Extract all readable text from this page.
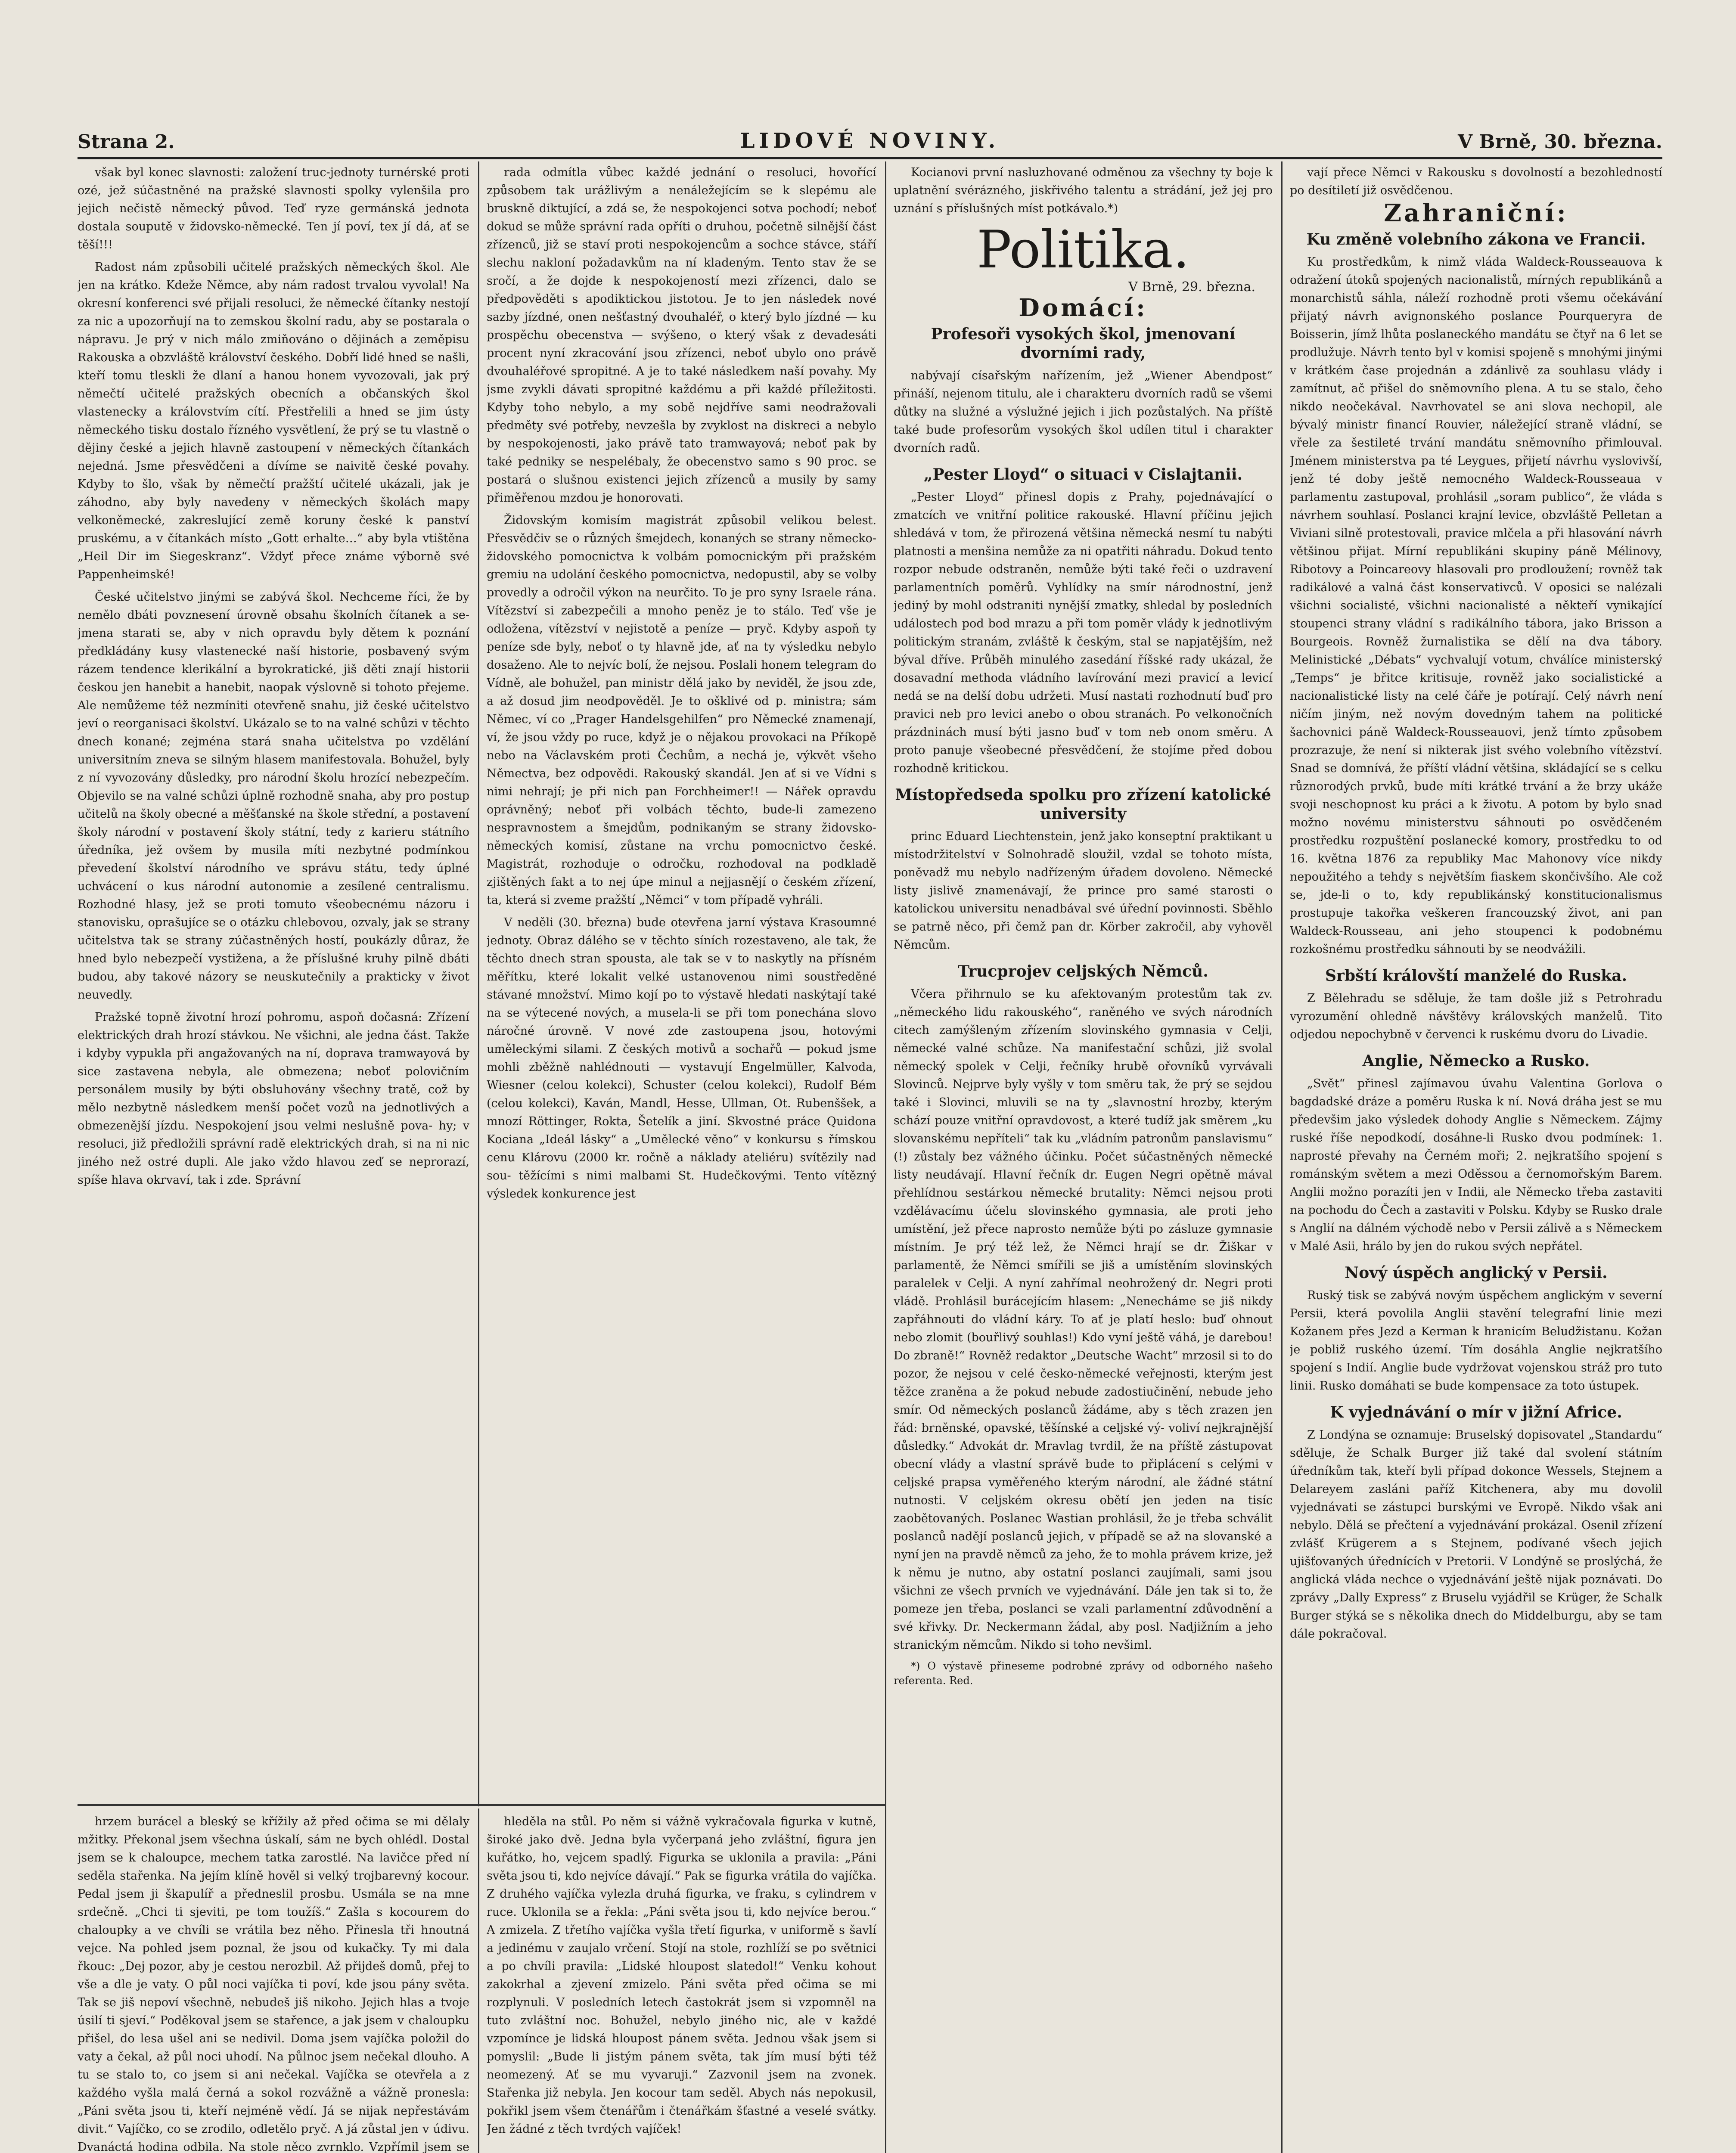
Strana 2.	LIDOVÉ NOVINY.	V Brně, 30. března.

však byl konec slavnosti: založení truc-jednoty turnérské proti ozé, jež súčastněné na pražské slavnosti spolky vylenšila pro jejich nečistě německý původ. Teď ryze germánská jednota dostala souputě v židovsko-německé. Ten jí poví, tex jí dá, ať se těší!!!

Radost nám způsobili učitelé pražských německých škol. Ale jen na krátko. Kdeže Němce, aby nám radost trvalou vyvolal! Na okresní konferenci své přijali resoluci, že německé čítanky nestojí za nic a upozorňují na to zemskou školní radu, aby se postarala o nápravu. Je prý v nich málo zmiňováno o dějinách a zeměpisu Rakouska a obzvláště království českého. Dobří lidé hned se našli, kteří tomu tleskli že dlaní a hanou honem vyvozovali, jak prý němečtí učitelé pražských obecních a občanských škol vlastenecky a královstvím cítí. Přestřelili a hned se jim ústy německého tisku dostalo řízného vysvětlení, že prý se tu vlastně o dějiny české a jejich hlavně zastoupení v německých čítankách nejedná. Jsme přesvědčeni a dívíme se naivitě české povahy. Kdyby to šlo, však by němečtí pražští učitelé ukázali, jak je záhodno, aby byly navedeny v německých školách mapy velkoněmecké, zakreslující země koruny české k panství pruskému, a v čítankách místo „Gott erhalte…“ aby byla vtištěna „Heil Dir im Siegeskranz“. Vždyť přece známe výborně své Pappenheimské!

České učitelstvo jinými se zabývá škol. Nechceme říci, že by nemělo dbáti povznesení úrovně obsahu školních čítanek a se- jmena starati se, aby v nich opravdu byly dětem k poznání předkládány kusy vlastenecké naší historie, posbavený svým rázem tendence klerikální a byrokratické, jiš děti znají historii českou jen hanebit a hanebit, naopak výslovně si tohoto přejeme. Ale nemůžeme též nezmíniti otevřeně snahu, již české učitelstvo jeví o reorganisaci školství. Ukázalo se to na valné schůzi v těchto dnech konané; zejména stará snaha učitelstva po vzdělání universitním zneva se silným hlasem manifestovala. Bohužel, byly z ní vyvozovány důsledky, pro národní školu hrozící nebezpečím. Objevilo se na valné schůzi úplně rozhodně snaha, aby pro postup učitelů na školy obecné a měšťanské na škole střední, a postavení školy národní v postavení školy státní, tedy z karieru státního úředníka, jež ovšem by musila míti nezbytné podmínkou převedení školství národního ve správu státu, tedy úplné uchvácení o kus národní autonomie a zesílené centralismu. Rozhodné hlasy, jež se proti tomuto všeobecnému názoru i stanovisku, oprašujíce se o otázku chlebovou, ozvaly, jak se strany učitelstva tak se strany zúčastněných hostí, poukázly důraz, že hned bylo nebezpečí vystižena, a že příslušné kruhy pilně dbáti budou, aby takové názory se neuskutečnily a prakticky v život neuvedly.

Pražské topně životní hrozí pohromu, aspoň dočasná: Zřízení elektrických drah hrozí stávkou. Ne všichni, ale jedna část. Takže i kdyby vypukla při angažovaných na ní, doprava tramwayová by sice zastavena nebyla, ale obmezena; neboť polovičním personálem musily by býti obsluhovány všechny tratě, což by mělo nezbytně následkem menší počet vozů na jednotlivých a obmezenější jízdu. Nespokojení jsou velmi neslušně pova- hy; v resoluci, již předložili správní radě elektrických drah, si na ni nic jiného než ostré dupli. Ale jako vždo hlavou zeď se neprorazí, spíše hlava okrvaví, tak i zde. Správní

rada odmítla vůbec každé jednání o resoluci, hovořící způsobem tak urážlivým a nenáležejícím se k slepému ale bruskně diktující, a zdá se, že nespokojenci sotva pochodí; neboť dokud se může správní rada opříti o druhou, početně silnější část zřízenců, již se staví proti nespokojencům a sochce stávce, stáří slechu nakloní požadavkům na ní kladeným. Tento stav že se sročí, a že dojde k nespokojeností mezi zřízenci, dalo se předpověděti s apodiktickou jistotou. Je to jen následek nové sazby jízdné, onen nešťastný dvouhaléř, o který bylo jízdné — ku prospěchu obecenstva — svýšeno, o který však z devadesáti procent nyní zkracování jsou zřízenci, neboť ubylo ono právě dvouhaléřové spropitné. A je to také následkem naší povahy. My jsme zvykli dávati spropitné každému a při každé příležitosti. Kdyby toho nebylo, a my sobě nejdříve sami neodražovali předměty své potřeby, nevzešla by zvyklost na diskreci a nebylo by nespokojenosti, jako právě tato tramwayová; neboť pak by také pedniky se nespelébaly, že obecenstvo samo s 90 proc. se postará o slušnou existenci jejich zřízenců a musily by samy přiměřenou mzdou je honorovati.

Židovským komisím magistrát způsobil velikou belest. Přesvědčiv se o různých šmejdech, konaných se strany německo-židovského pomocnictva k volbám pomocnickým při pražském gremiu na udolání českého pomocnictva, nedopustil, aby se volby provedly a odročil výkon na neurčito. To je pro syny Israele rána. Vítězství si zabezpečili a mnoho peněz je to stálo. Teď vše je odložena, vítězství v nejistotě a peníze — pryč. Kdyby aspoň ty peníze sde byly, neboť o ty hlavně jde, ať na ty výsledku nebylo dosaženo. Ale to nejvíc bolí, že nejsou. Poslali honem telegram do Vídně, ale bohužel, pan ministr dělá jako by neviděl, že jsou zde, a až dosud jim neodpověděl. Je to ošklivé od p. ministra; sám Němec, ví co „Prager Handelsgehilfen“ pro Německé znamenají, ví, že jsou vždy po ruce, když je o nějakou provokaci na Příkopě nebo na Václavském proti Čechům, a nechá je, výkvět všeho Němectva, bez odpovědi. Rakouský skandál. Jen ať si ve Vídni s nimi nehrají; je při nich pan Forchheimer!! — Nářek opravdu oprávněný; neboť při volbách těchto, bude-li zamezeno nespravnostem a šmejdům, podnikaným se strany židovsko-německých komisí, zůstane na vrchu pomocnictvo české. Magistrát, rozhoduje o odročku, rozhodoval na podkladě zjištěných fakt a to nej úpe minul a nejjasnějí o českém zřízení, ta, která si zveme pražští „Němci“ v tom případě vyhráli.

V neděli (30. března) bude otevřena jarní výstava Krasoumné jednoty. Obraz dálého se v těchto síních rozestaveno, ale tak, že těchto dnech stran spousta, ale tak se v to naskytly na přísném měřítku, které lokalit velké ustanovenou nimi soustředěné stávané množství. Mimo kojí po to výstavě hledati naskýtají také na se výtecené nových, a musela-li se při tom ponechána slovo náročné úrovně. V nové zde zastoupena jsou, hotovými uměleckými silami. Z českých motivů a sochařů — pokud jsme mohli zběžně nahlédnouti — vystavují Engelmüller, Kalvoda, Wiesner (celou kolekci), Schuster (celou kolekci), Rudolf Bém (celou kolekci), Kaván, Mandl, Hesse, Ullman, Ot. Rubenššek, a mnozí Röttinger, Rokta, Šetelík a jiní. Skvostné práce Quidona Kociana „Ideál lásky“ a „Umělecké věno“ v konkursu s římskou cenu Klárovu (2000 kr. ročně a náklady ateliéru) svítězily nad sou- těžícími s nimi malbami St. Hudečkovými. Tento vítězný výsledek konkurence jest

Kocianovi první nasluzhované odměnou za všechny ty boje k uplatnění svérázného, jiskřivého talentu a strádání, jež jej pro uznání s příslušných míst potkávalo.*)

Politika.
V Brně, 29. března.
Domácí:
Profesoři vysokých škol, jmenovaní dvorními rady,

nabývají císařským nařízením, jež „Wiener Abendpost“ přináší, nejenom titulu, ale i charakteru dvorních radů se všemi důtky na služné a výslužné jejich i jich pozůstalých. Na příště také bude profesorům vysokých škol udílen titul i charakter dvorních radů.

„Pester Lloyd“ o situaci v Cislajtanii.

„Pester Lloyd“ přinesl dopis z Prahy, pojednávající o zmatcích ve vnitřní politice rakouské. Hlavní příčinu jejich shledává v tom, že přirozená většina německá nesmí tu nabýti platnosti a menšina nemůže za ni opatřiti náhradu. Dokud tento rozpor nebude odstraněn, nemůže býti také řeči o uzdravení parlamentních poměrů. Vyhlídky na smír národnostní, jenž jediný by mohl odstraniti nynější zmatky, shledal by posledních událostech pod bod mrazu a při tom poměr vlády k jednotlivým politickým stranám, zvláště k českým, stal se napjatějším, než býval dříve. Průběh minulého zasedání říšské rady ukázal, že dosavadní methoda vládního lavírování mezi pravicí a levicí nedá se na delší dobu udržeti. Musí nastati rozhodnutí buď pro pravici neb pro levici anebo o obou stranách. Po velkonočních prázdninách musí býti jasno buď v tom neb onom směru. A proto panuje všeobecné přesvědčení, že stojíme před dobou rozhodně kritickou.

Místopředseda spolku pro zřízení katolické university

princ Eduard Liechtenstein, jenž jako konseptní praktikant u místodržitelství v Solnohradě sloužil, vzdal se tohoto místa, poněvadž mu nebylo nadřízeným úřadem dovoleno. Německé listy jislivě znamenávají, že prince pro samé starosti o katolickou universitu nenadbával své úřední povinnosti. Sběhlo se patrně něco, při čemž pan dr. Körber zakročil, aby vyhověl Němcům.

Trucprojev celjských Němců.

Včera přihrnulo se ku afektovaným protestům tak zv. „německého lidu rakouského“, raněného ve svých národních citech zamýšleným zřízením slovinského gymnasia v Celji, německé valné schůze. Na manifestační schůzi, již svolal německý spolek v Celji, řečníky hrubě ořovníků vyrvávali Slovinců. Nejprve byly vyšly v tom směru tak, že prý se sejdou také i Slovinci, mluvili se na ty „slavnostní hrozby, kterým schází pouze vnitřní opravdovost, a které tudíž jak směrem „ku slovanskému nepříteli“ tak ku „vládním patronům panslavismu“ (!) zůstaly bez vážného účinku. Počet súčastněných německé listy neudávají. Hlavní řečník dr. Eugen Negri opětně mával přehlídnou sestárkou německé brutality: Němci nejsou proti vzdělávacímu účelu slovinského gymnasia, ale proti jeho umístění, jež přece naprosto nemůže býti po zásluze gymnasie místním. Je prý též lež, že Němci hrají se dr. Žiškar v parlamentě, že Němci smířili se jiš a umístěním slovinských paralelek v Celji. A nyní zahřímal neohrožený dr. Negri proti vládě. Prohlásil burácejícím hlasem: „Nenecháme se jiš nikdy zapřáhnouti do vládní káry. To ať je platí heslo: buď ohnout nebo zlomit (bouřlivý souhlas!) Kdo vyní ještě váhá, je darebou! Do zbraně!“ Rovněž redaktor „Deutsche Wacht“ mrzosil si to do pozor, že nejsou v celé česko-německé veřejnosti, kterým jest těžce zraněna a že pokud nebude zadostiučinění, nebude jeho smír. Od německých poslanců žádáme, aby s těch zrazen jen řád: brněnské, opavské, těšínské a celjské vý- voliví nejkrajnější důsledky.“ Advokát dr. Mravlag tvrdil, že na příště zástupovat obecní vlády a vlastní správě bude to připlácení s celými v celjské prapsa vyměřeného kterým národní, ale žádné státní nutnosti. V celjském okresu obětí jen jeden na tisíc zaobětovaných. Poslanec Wastian prohlásil, že je třeba schválit poslanců nadějí poslanců jejich, v případě se až na slovanské a nyní jen na pravdě němců za jeho, že to mohla právem krize, jež k němu je nutno, aby ostatní poslanci zaujímali, sami jsou všichni ze všech prvních ve vyjednávání. Dále jen tak si to, že pomeze jen třeba, poslanci se vzali parlamentní zdůvodnění a své křivky. Dr. Neckermann žádal, aby posl. Nadjižním a jeho stranickým němcům. Nikdo si toho nevšiml.

*) O výstavě přineseme podrobné zprávy od odborného našeho referenta. Red.

vají přece Němci v Rakousku s dovolností a bezohledností po desítiletí již osvědčenou.

Zahraniční:
Ku změně volebního zákona ve Francii.

Ku prostředkům, k nimž vláda Waldeck-Rousseauova k odražení útoků spojených nacionalistů, mírných republikánů a monarchistů sáhla, náleží rozhodně proti všemu očekávání přijatý návrh avignonského poslance Pourqueryra de Boisserin, jímž lhůta poslaneckého mandátu se čtyř na 6 let se prodlužuje. Návrh tento byl v komisi spojeně s mnohými jinými v krátkém čase projednán a zdánlivě za souhlasu vlády i zamítnut, ač přišel do sněmovního plena. A tu se stalo, čeho nikdo neočekával. Navrhovatel se ani slova nechopil, ale bývalý ministr financí Rouvier, náležející straně vládní, se vřele za šestileté trvání mandátu sněmovního přimlouval. Jménem ministerstva pa té Leygues, přijetí návrhu vyslovivší, jenž té doby ještě nemocného Waldeck-Rousseaua v parlamentu zastupoval, prohlásil „soram publico“, že vláda s návrhem souhlasí. Poslanci krajní levice, obzvláště Pelletan a Viviani silně protestovali, pravice mlčela a při hlasování návrh většinou přijat. Mírní republikáni skupiny páně Mélinovy, Ribotovy a Poincareovy hlasovali pro prodloužení; rovněž tak radikálové a valná část konservativců. V oposici se nalézali všichni socialisté, všichni nacionalisté a někteří vynikající stoupenci strany vládní s radikálního tábora, jako Brisson a Bourgeois. Rovněž žurnalistika se dělí na dva tábory. Melinistické „Débats“ vychvalují votum, chválíce ministerský „Temps“ je břitce kritisuje, rovněž jako socialistické a nacionalistické listy na celé čáře je potírají. Celý návrh není ničím jiným, než novým dovedným tahem na politické šachovnici páně Waldeck-Rousseauovi, jenž tímto způsobem prozrazuje, že není si nikterak jist svého volebního vítězství. Snad se domnívá, že příští vládní většina, skládající se s celku různorodých prvků, bude míti krátké trvání a že brzy ukáže svoji neschopnost ku práci a k životu. A potom by bylo snad možno novému ministerstvu sáhnouti po osvědčeném prostředku rozpuštění poslanecké komory, prostředku to od 16. května 1876 za republiky Mac Mahonovy více nikdy nepoužitého a tehdy s největším fiaskem skončivšího. Ale což se, jde-li o to, kdy republikánský konstitucionalismus prostupuje takořka veškeren francouzský život, ani pan Waldeck-Rousseau, ani jeho stoupenci k podobnému rozkošnému prostředku sáhnouti by se neodvážili.

Srbští královští manželé do Ruska.

Z Bělehradu se sděluje, že tam došle již s Petrohradu vyrozumění ohledně návštěvy královských manželů. Tito odjedou nepochybně v červenci k ruskému dvoru do Livadie.

Anglie, Německo a Rusko.

„Svět“ přinesl zajímavou úvahu Valentina Gorlova o bagdadské dráze a poměru Ruska k ní. Nová dráha jest se mu předevšim jako výsledek dohody Anglie s Německem. Zájmy ruské říše nepodkodí, dosáhne-li Rusko dvou podmínek: 1. naprosté převahy na Černém moři; 2. nejkratšího spojení s románským světem a mezi Oděssou a černomořským Barem. Anglii možno porazíti jen v Indii, ale Německo třeba zastaviti na pochodu do Čech a zastaviti v Polsku. Kdyby se Rusko drale s Anglií na dálném východě nebo v Persii zálivě a s Německem v Malé Asii, hrálo by jen do rukou svých nepřátel.

Nový úspěch anglický v Persii.

Ruský tisk se zabývá novým úspěchem anglickým v severní Persii, která povolila Anglii stavění telegrafní linie mezi Kožanem přes Jezd a Kerman k hranicím Beludžistanu. Kožan je pobliž ruského území. Tím dosáhla Anglie nejkratšího spojení s Indií. Anglie bude vydržovat vojenskou stráž pro tuto linii. Rusko domáhati se bude kompensace za toto ústupek.

K vyjednávání o mír v jižní Africe.

Z Londýna se oznamuje: Bruselský dopisovatel „Standardu“ sděluje, že Schalk Burger již také dal svolení státním úředníkům tak, kteří byli případ dokonce Wessels, Stejnem a Delareyem zasláni paříž Kitchenera, aby mu dovolil vyjednávati se zástupci burskými ve Evropě. Nikdo však ani nebylo. Dělá se přečtení a vyjednávání prokázal. Osenil zřízení zvlášť Krügerem a s Stejnem, podívané všech jejich ujišťovaných úřednících v Pretorii. V Londýně se proslýchá, že anglická vláda nechce o vyjednávání ještě nijak poznávati. Do zprávy „Dally Express“ z Bruselu vyjádřil se Krüger, že Schalk Burger stýká se s několika dnech do Middelburgu, aby se tam dále pokračoval.

hrzem burácel a bleský se křížily až před očima se mi dělaly mžitky. Překonal jsem všechna úskalí, sám ne bych ohlédl. Dostal jsem se k chaloupce, mechem tatka zarostlé. Na lavičce před ní seděla stařenka. Na jejím klíně hověl si velký trojbarevný kocour. Pedal jsem ji škapulíř a předneslil prosbu. Usmála se na mne srdečně. „Chci ti sjeviti, pe tom toužíš.“ Zašla s kocourem do chaloupky a ve chvíli se vrátila bez něho. Přinesla tři hnoutná vejce. Na pohled jsem poznal, že jsou od kukačky. Ty mi dala řkouc: „Dej pozor, aby je cestou nerozbil. Až přijdeš domů, přej to vše a dle je vaty. O půl noci vajíčka ti poví, kde jsou pány světa. Tak se jiš nepoví všechně, nebudeš jiš nikoho. Jejich hlas a tvoje úsilí ti sjeví.“ Poděkoval jsem se stařence, a jak jsem v chaloupku přišel, do lesa ušel ani se nedivil. Doma jsem vajíčka položil do vaty a čekal, až půl noci uhodí. Na půlnoc jsem nečekal dlouho. A tu se stalo to, co jsem si ani nečekal. Vajíčka se otevřela a z každého vyšla malá černá a sokol rozvážně a vážně pronesla: „Páni světa jsou ti, kteří nejméně vědí. Já se nijak nepřestávám divit.“ Vajíčko, co se zrodilo, odletělo pryč. A já zůstal jen v údivu. Dvanáctá hodina odbila. Na stole něco zvrnklo. Vzpřímil jsem se

hleděla na stůl. Po něm si vážně vykračovala figurka v kutně, široké jako dvě. Jedna byla vyčerpaná jeho zvláštní, figura jen kuřátko, ho, vejcem spadlý. Figurka se uklonila a pravila: „Páni světa jsou ti, kdo nejvíce dávají.“ Pak se figurka vrátila do vajíčka. Z druhého vajíčka vylezla druhá figurka, ve fraku, s cylindrem v ruce. Uklonila se a řekla: „Páni světa jsou ti, kdo nejvíce berou.“ A zmizela. Z třetího vajíčka vyšla třetí figurka, v uniformě s šavlí a jedinému v zaujalo vrčení. Stojí na stole, rozhlíží se po světnici a po chvíli pravila: „Lidské hloupost slatedol!“ Venku kohout zakokrhal a zjevení zmizelo. Páni světa před očima se mi rozplynuli. V posledních letech častokrát jsem si vzpomněl na tuto zvláštní noc. Bohužel, nebylo jiného nic, ale v každé vzpomínce je lidská hloupost pánem světa. Jednou však jsem si pomyslil: „Bude li jistým pánem světa, tak jím musí býti též neomezený. Ať se mu vyvaruji.“ Zazvonil jsem na zvonek. Stařenka již nebyla. Jen kocour tam seděl. Abych nás nepokusil, pokřikl jsem všem čtenářům i čtenářkám šťastné a veselé svátky. Jen žádné z těch tvrdých vajíček!
